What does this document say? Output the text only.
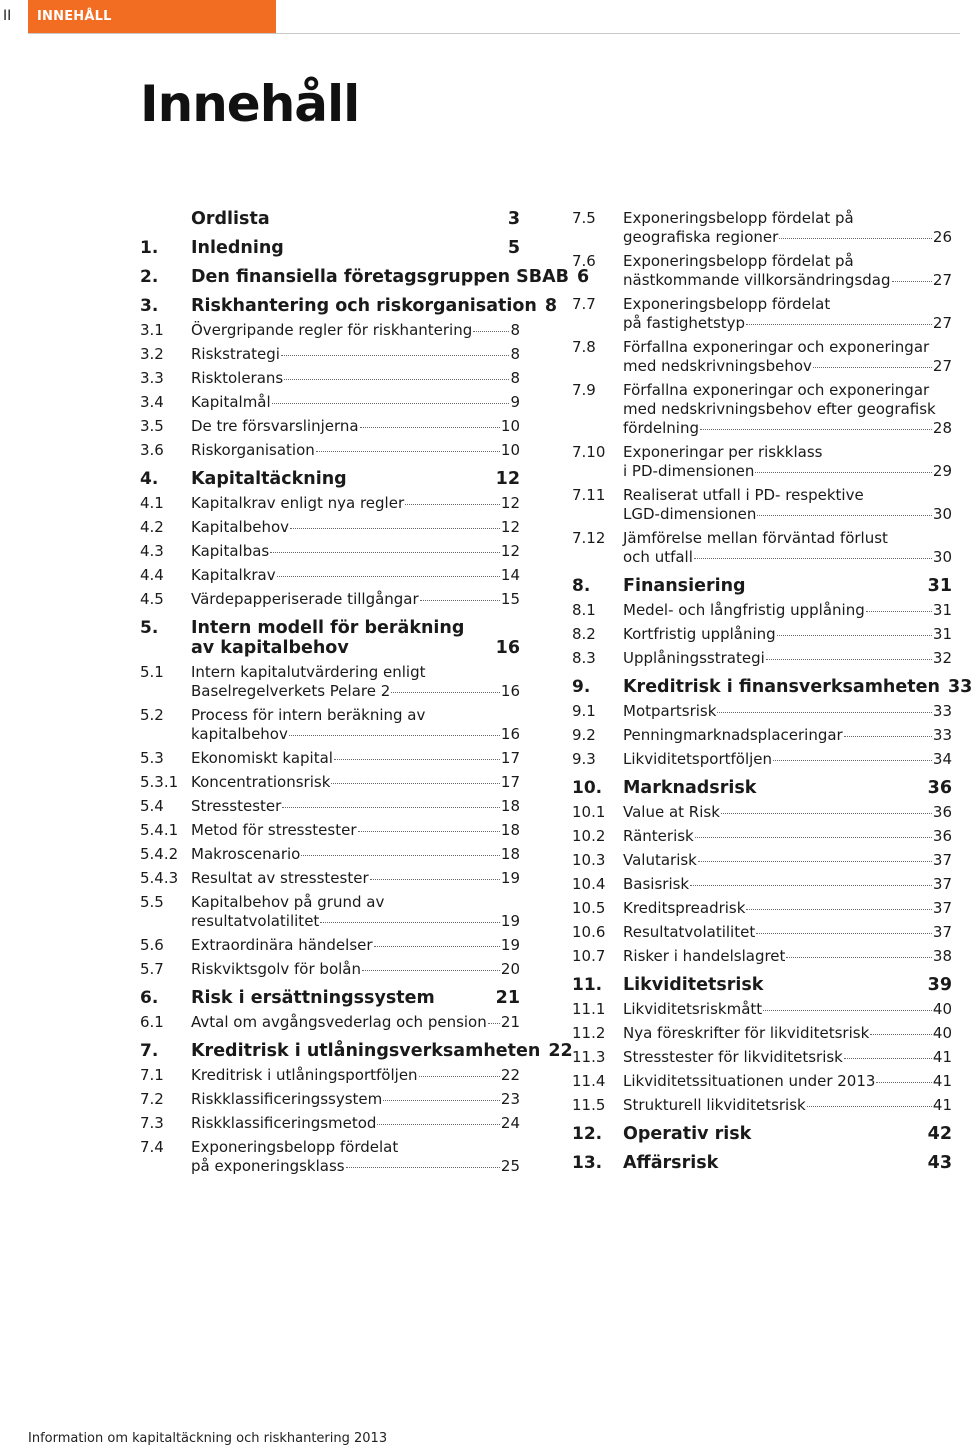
II	INNEHÅLL
Innehåll
Ordlista	3
1.	Inledning	5
2.	Den finansiella företagsgruppen SBAB 6
3.	Riskhantering och riskorganisation 8
3.1	Övergripande regler för riskhantering	8
3.2	Riskstrategi	8
3.3	Risktolerans	8
3.4	Kapitalmål	9
3.5	De tre försvarslinjerna	10
3.6	Riskorganisation	10
4.	Kapitaltäckning	12
4.1	Kapitalkrav enligt nya regler	12
4.2	Kapitalbehov	12
4.3	Kapitalbas	12
4.4	Kapitalkrav	14
4.5	Värdepapperiserade tillgångar	15
5.	Intern modell för beräkning
av kapitalbehov	16
5.1	Intern kapitalutvärdering enligt
Baselregelverkets Pelare 2	16
5.2	Process för intern beräkning av
kapitalbehov	16
5.3	Ekonomiskt kapital	17
5.3.1 Koncentrationsrisk	17
5.4	Stresstester	18
5.4.1 Metod för stresstester	18
5.4.2 Makroscenario	18
5.4.3 Resultat av stresstester	19
5.5	Kapitalbehov på grund av
resultatvolatilitet	19
5.6	Extraordinära händelser	19
5.7	Riskviktsgolv för bolån	20
6.	Risk i ersättningssystem	21
6.1	Avtal om avgångsvederlag och pension 21
7.	Kreditrisk i utlåningsverksamheten 22
7.1	Kreditrisk i utlåningsportföljen	22
7.2	Riskklassificeringssystem	23
7.3	Riskklassificeringsmetod	24
7.4	Exponeringsbelopp fördelat
på exponeringsklass	25
7.5	Exponeringsbelopp fördelat på
geografiska regioner	26
7.6	Exponeringsbelopp fördelat på
nästkommande villkorsändringsdag	27
7.7	Exponeringsbelopp fördelat
på fastighetstyp	27
7.8	Förfallna exponeringar och exponeringar
med nedskrivningsbehov	27
7.9	Förfallna exponeringar och exponeringar
med nedskrivningsbehov efter geografisk
fördelning	28
7.10	Exponeringar per riskklass
i PD-dimensionen	29
7.11	Realiserat utfall i PD- respektive
LGD-dimensionen	30
7.12	Jämförelse mellan förväntad förlust
och utfall	30
8.	Finansiering	31
8.1	Medel- och långfristig upplåning	31
8.2	Kortfristig upplåning	31
8.3	Upplåningsstrategi	32
9.	Kreditrisk i finansverksamheten 33
9.1	Motpartsrisk	33
9.2	Penningmarknadsplaceringar	33
9.3	Likviditetsportföljen	34
10.	Marknadsrisk	36
10.1	Value at Risk	36
10.2	Ränterisk	36
10.3	Valutarisk	37
10.4	Basisrisk	37
10.5	Kreditspreadrisk	37
10.6	Resultatvolatilitet	37
10.7	Risker i handelslagret	38
11.	Likviditetsrisk	39
11.1	Likviditetsriskmått	40
11.2	Nya föreskrifter för likviditetsrisk	40
11.3	Stresstester för likviditetsrisk	41
11.4	Likviditetssituationen under 2013	41
11.5	Strukturell likviditetsrisk	41
12.	Operativ risk	42
13.	Affärsrisk	43
Information om kapitaltäckning och riskhantering 2013
